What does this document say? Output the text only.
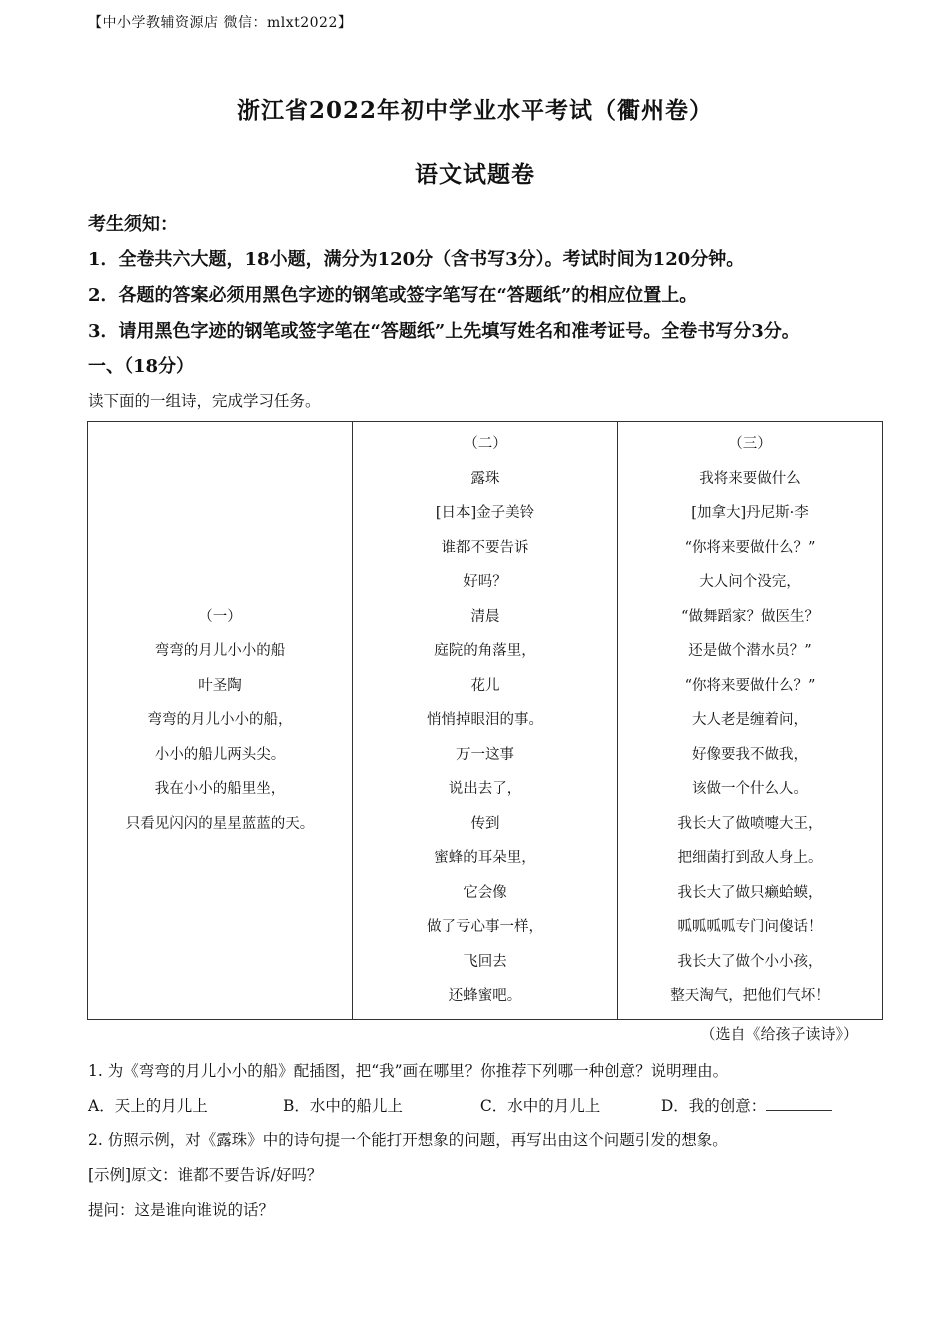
【中小学教辅资源店 微信：mlxt2022】
浙江省2022年初中学业水平考试（衢州卷）
语文试题卷
考生须知：
1．全卷共六大题，18小题，满分为120分（含书写3分）。考试时间为120分钟。
2．各题的答案必须用黑色字迹的钢笔或签字笔写在“答题纸”的相应位置上。
3．请用黑色字迹的钢笔或签字笔在“答题纸”上先填写姓名和准考证号。全卷书写分3分。
一、（18分）
读下面的一组诗，完成学习任务。
（一）
弯弯的月儿小小的船
叶圣陶
弯弯的月儿小小的船，
小小的船儿两头尖。
我在小小的船里坐，
只看见闪闪的星星蓝蓝的天。

（二）
露珠
[日本]金子美铃
谁都不要告诉
好吗？
清晨
庭院的角落里，
花儿
悄悄掉眼泪的事。
万一这事
说出去了，
传到
蜜蜂的耳朵里，
它会像
做了亏心事一样，
飞回去
还蜂蜜吧。

（三）
我将来要做什么
[加拿大]丹尼斯·李
“你将来要做什么？”
大人问个没完，
“做舞蹈家？做医生？
还是做个潜水员？”
“你将来要做什么？”
大人老是缠着问，
好像要我不做我，
该做一个什么人。
我长大了做喷嚏大王，
把细菌打到敌人身上。
我长大了做只癞蛤蟆，
呱呱呱呱专门问傻话！
我长大了做个小小孩，
整天淘气，把他们气坏！
（选自《给孩子读诗》）
1. 为《弯弯的月儿小小的船》配插图，把“我”画在哪里？你推荐下列哪一种创意？说明理由。
A．天上的月儿上	B．水中的船儿上	C．水中的月儿上	D．我的创意：
2. 仿照示例，对《露珠》中的诗句提一个能打开想象的问题，再写出由这个问题引发的想象。
[示例]原文：谁都不要告诉/好吗？
提问：这是谁向谁说的话？
